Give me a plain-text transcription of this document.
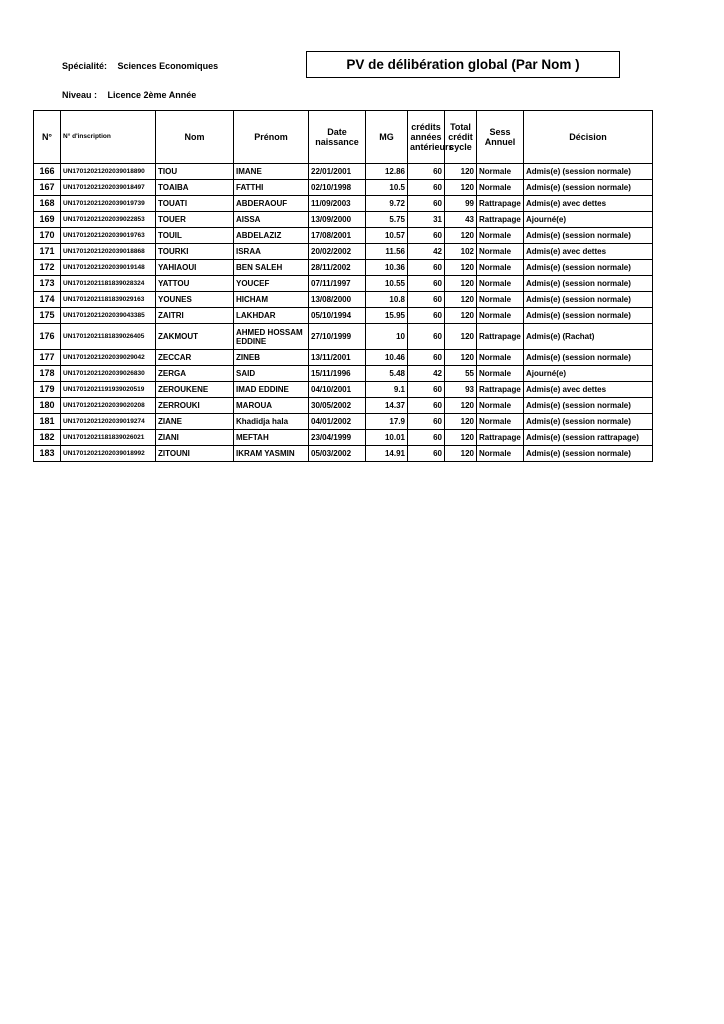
Spécialité: Sciences Economiques
Niveau : Licence 2ème Année
PV de délibération global (Par Nom )
N°	N° d'inscription	Nom	Prénom	Date naissance	MG	crédits années antérieurs	Total crédit cycle	Sess Annuel	Décision
166	UN17012021202039018890	TIOU	IMANE	22/01/2001	12.86	60	120	Normale	Admis(e) (session normale)
167	UN17012021202039018497	TOAIBA	FATTHI	02/10/1998	10.5	60	120	Normale	Admis(e) (session normale)
168	UN17012021202039019739	TOUATI	ABDERAOUF	11/09/2003	9.72	60	99	Rattrapage	Admis(e) avec dettes
169	UN17012021202039022853	TOUER	AISSA	13/09/2000	5.75	31	43	Rattrapage	Ajourné(e)
170	UN17012021202039019763	TOUIL	ABDELAZIZ	17/08/2001	10.57	60	120	Normale	Admis(e) (session normale)
171	UN17012021202039018868	TOURKI	ISRAA	20/02/2002	11.56	42	102	Normale	Admis(e) avec dettes
172	UN17012021202039019148	YAHIAOUI	BEN SALEH	28/11/2002	10.36	60	120	Normale	Admis(e) (session normale)
173	UN17012021181839028324	YATTOU	YOUCEF	07/11/1997	10.55	60	120	Normale	Admis(e) (session normale)
174	UN17012021181839029163	YOUNES	HICHAM	13/08/2000	10.8	60	120	Normale	Admis(e) (session normale)
175	UN17012021202039043385	ZAITRI	LAKHDAR	05/10/1994	15.95	60	120	Normale	Admis(e) (session normale)
176	UN17012021181839026405	ZAKMOUT	AHMED HOSSAM EDDINE	27/10/1999	10	60	120	Rattrapage	Admis(e) (Rachat)
177	UN17012021202039029042	ZECCAR	ZINEB	13/11/2001	10.46	60	120	Normale	Admis(e) (session normale)
178	UN17012021202039026830	ZERGA	SAID	15/11/1996	5.48	42	55	Normale	Ajourné(e)
179	UN17012021191939020519	ZEROUKENE	IMAD EDDINE	04/10/2001	9.1	60	93	Rattrapage	Admis(e) avec dettes
180	UN17012021202039020208	ZERROUKI	MAROUA	30/05/2002	14.37	60	120	Normale	Admis(e) (session normale)
181	UN17012021202039019274	ZIANE	Khadidja hala	04/01/2002	17.9	60	120	Normale	Admis(e) (session normale)
182	UN17012021181839026021	ZIANI	MEFTAH	23/04/1999	10.01	60	120	Rattrapage	Admis(e) (session rattrapage)
183	UN17012021202039018992	ZITOUNI	IKRAM YASMIN	05/03/2002	14.91	60	120	Normale	Admis(e) (session normale)
